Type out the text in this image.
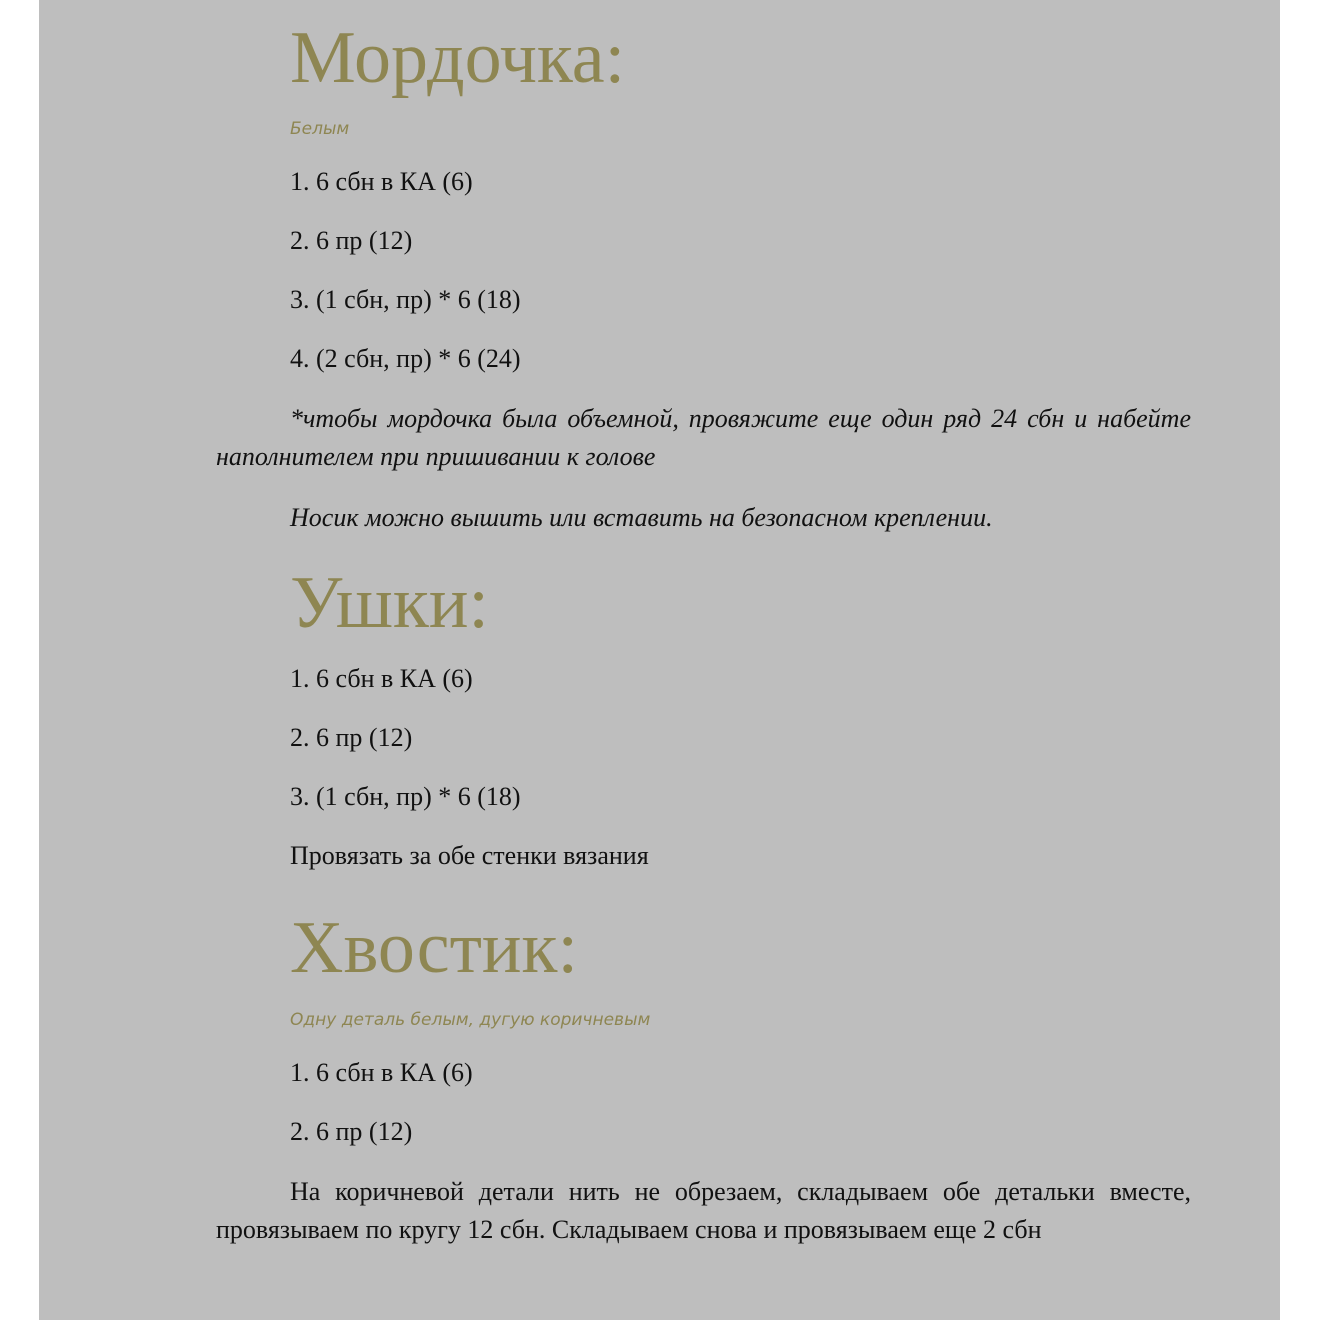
Мордочка:

Белым

1. 6 сбн в КА (6)

2. 6 пр (12)

3. (1 сбн, пр) * 6 (18)

4. (2 сбн, пр) * 6 (24)

*чтобы мордочка была объемной, провяжите еще один ряд 24 сбн и набейте наполнителем при пришивании к голове

Носик можно вышить или вставить на безопасном креплении.

Ушки:

1. 6 сбн в КА (6)

2. 6 пр (12)

3. (1 сбн, пр) * 6 (18)

Провязать за обе стенки вязания

Хвостик:

Одну деталь белым, дугую коричневым

1. 6 сбн в КА (6)

2. 6 пр (12)

На коричневой детали нить не обрезаем, складываем обе детальки вместе, провязываем по кругу 12 сбн. Складываем снова и провязываем еще 2 сбн
